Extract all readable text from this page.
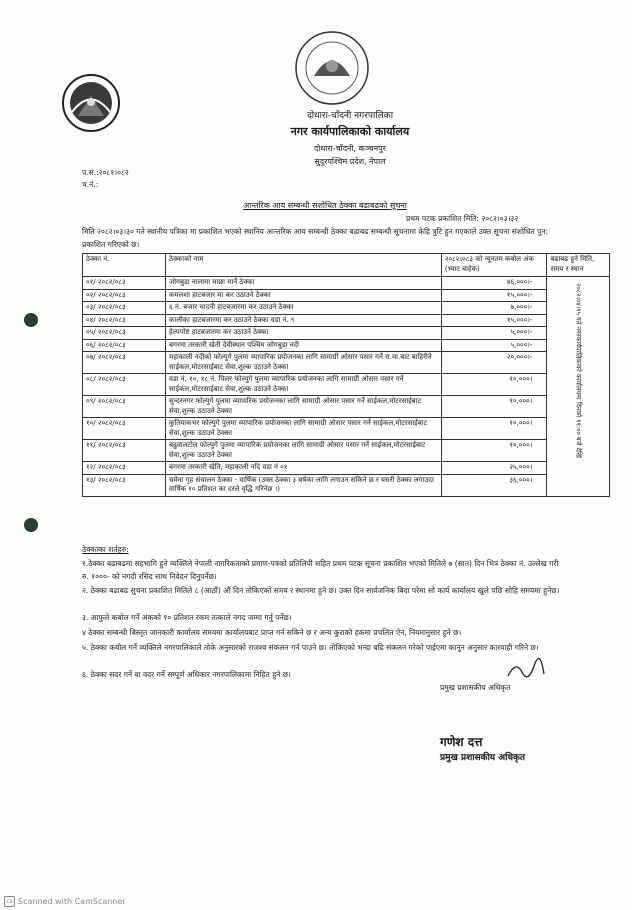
दोधारा-चाँदनी नगरपालिका
नगर कार्यपालिकाको कार्यालय
दोधारा-चाँदनी, कञ्चनपुर
सुदुरपश्चिम प्रदेश, नेपाल
प.सं.:२०८१।०८२
च.नं.:
आन्तरिक आय सम्बन्धी संशोधित ठेक्का बढाबढको सूचना
प्रथम पटक प्रकाशित मिति: २०८२।०३।३२
मिति २०८२।०३।३० गते स्थानीय पत्रिका मा प्रकाशित भएको स्थानिय आन्तरिक आय सम्बन्धी ठेक्का बढाबढ सम्बन्धी सूचनामा केहि त्रुटि हुन गएकाले उक्त सूचना संशोधित पुन: प्रकाशित गरिएको छ।
ठेक्का नं.	ठेक्काको नाम	२०८२।०८३ को न्यूनतम कबोल अंक (भ्याट बाहेक)	बढाबढ हुने मिति, समय र स्थान
०१/ २०८२/०८३	जोगबुडा नालामा माछा मार्ने ठेक्का	४६,०००।-	२०८२।०४।१५ गते नगरकार्यपालिकाको कार्यालयमा दिनको ११:०० बजे देखि

०२/ २०८२/०८३	कमलशा हाटबजार मा कर उठाउने ठेक्का	१५,०००।-	
०३/ २०८२/०८३	६ नं. बजार चादनी हाटबजारमा कर उठाउने ठेक्का	७,०००।-	
०४/ २०८२/०८३	कालीका हाटबजारमा कर उठाउने ठेक्का वडा नं. ९	१५,०००।-	
०५/ २०८२/०८३	हेल्पपोष्ट हाटबजारमा कर उठाउने ठेक्का	५,०००।-	
०६/ २०८२/०८३	बगरमा तरकारी खेती देवीस्थान पश्चिम जोगबुडा नदी	५,०००।-	
०७/ २०८२/०८३	महाकाली नदीको फोल्पुगे पुलमा व्यापारिक प्रयोजनका लागि सामाग्री ओसार पसार गर्ने रा.मा.बाट बाहिरीने साईकल,मोटरसाईबाट सेवा,शुल्क उठाउने ठेक्का	२०,०००।-	
०८/ २०८२/०८३	वडा नं. १०, १८ नं. पिलर फोल्पुगे पुलमा व्यापारिक प्रयोजनका लागि सामाग्री ओसार पसार गर्ने साईकल,मोटरसाईबाट सेवा,शुल्क उठाउने ठेक्का	१०,०००।	
०९/ २०८२/०८३	सुन्दरनगर फोल्पुगे पुलमा व्यापारिक प्रयोजनका लागि सामाग्री ओसार पसार गर्ने साईकल,मोटरसाईबाट सेवा,शुल्क उठाउने ठेक्का	१०,०००।	
१०/ २०८२/०८३	कुतियाकभर फोल्पुगे पुलमा व्यापारिक प्रयोजनका लागि सामाग्री ओसार पसार गर्ने साईकल,मोटरसाईबाट सेवा,शुल्क उठाउने ठेक्का	१०,०००।	
११/ २०८२/०८३	बढुवालटोल फोल्पुगे पुलमा व्यापारिक प्रयोजनका लागि सामाग्री ओसार पसार गर्ने साईकल,मोटरसाईबाट सेवा,शुल्क उठाउने ठेक्का	१०,०००।	
१२/ २०८२/०८३	बगरमा तरकारी खेति, महाकाली नदि वडा नं ०१	२५,०००।	
१३/ २०८२/०८३	चमेना गृह संचालन ठेक्का - वार्षिक (उक्त ठेक्का ३ बर्षका लागि लगाउन सकिने छ र यसरी ठेक्का लगाउदा वार्षिक १० प्रतिशत का दरले वृद्धि गरिनेछ ।)	३६,०००।	
ठेक्काका शर्तहरु:
१.ठेक्का बढाबढमा सहभागि हुने व्यक्तिले नेपाली नागरिकताको प्रमाण-पत्रको प्रतिलिपी सहित प्रथम पटक सूचना प्रकाशित भएको मितिले ७ (सात) दिन भित्र ठेक्का नं. उल्लेख गरी रु. १०००- को नगदी रसिद साथ निवेदन दिनुपर्नेछ।
२. ठेक्का बढाबढ सुचना प्रकाशित मितिले ८ (आठौं) औं दिन तोकिएको समय र स्थानमा हुने छ। उक्त दिन सार्वजनिक बिदा परेमा सो कार्य कार्यालय खुले पछि सोहि समयमा हुनेछ।
३. आफुले कबोल गर्ने अंकको १० प्रतिशत रकम तत्काले नगद जम्मा गर्नु पर्नेछ।
४ ठेक्का सम्बन्धी बिस्तृत जानकारी कार्यालय समयमा कार्यालयबाट प्राप्त गर्न सकिने छ र अन्य कुराको हकमा प्रचलित ऐन, नियमानुसार हुने छ।
५. ठेक्का कबोल गर्ने व्यक्तिले नगरपालिकाले तोके अनुसारको राजश्व संकलन गर्न पाउने छ। तोकिएको भन्दा बढि संकलन गरेको पाईएमा कानून अनुसार कारवाही गरिने छ।
६. ठेक्का सदर गर्ने वा वदर गर्ने सम्पूर्ण अधिकार नगरपालिकामा निहित हुने छ।
प्रमुख प्रशासकीय अधिकृत
गणेश दत्त
प्रमुख प्रशासकीय अधिकृत
cs Scanned with CamScanner
